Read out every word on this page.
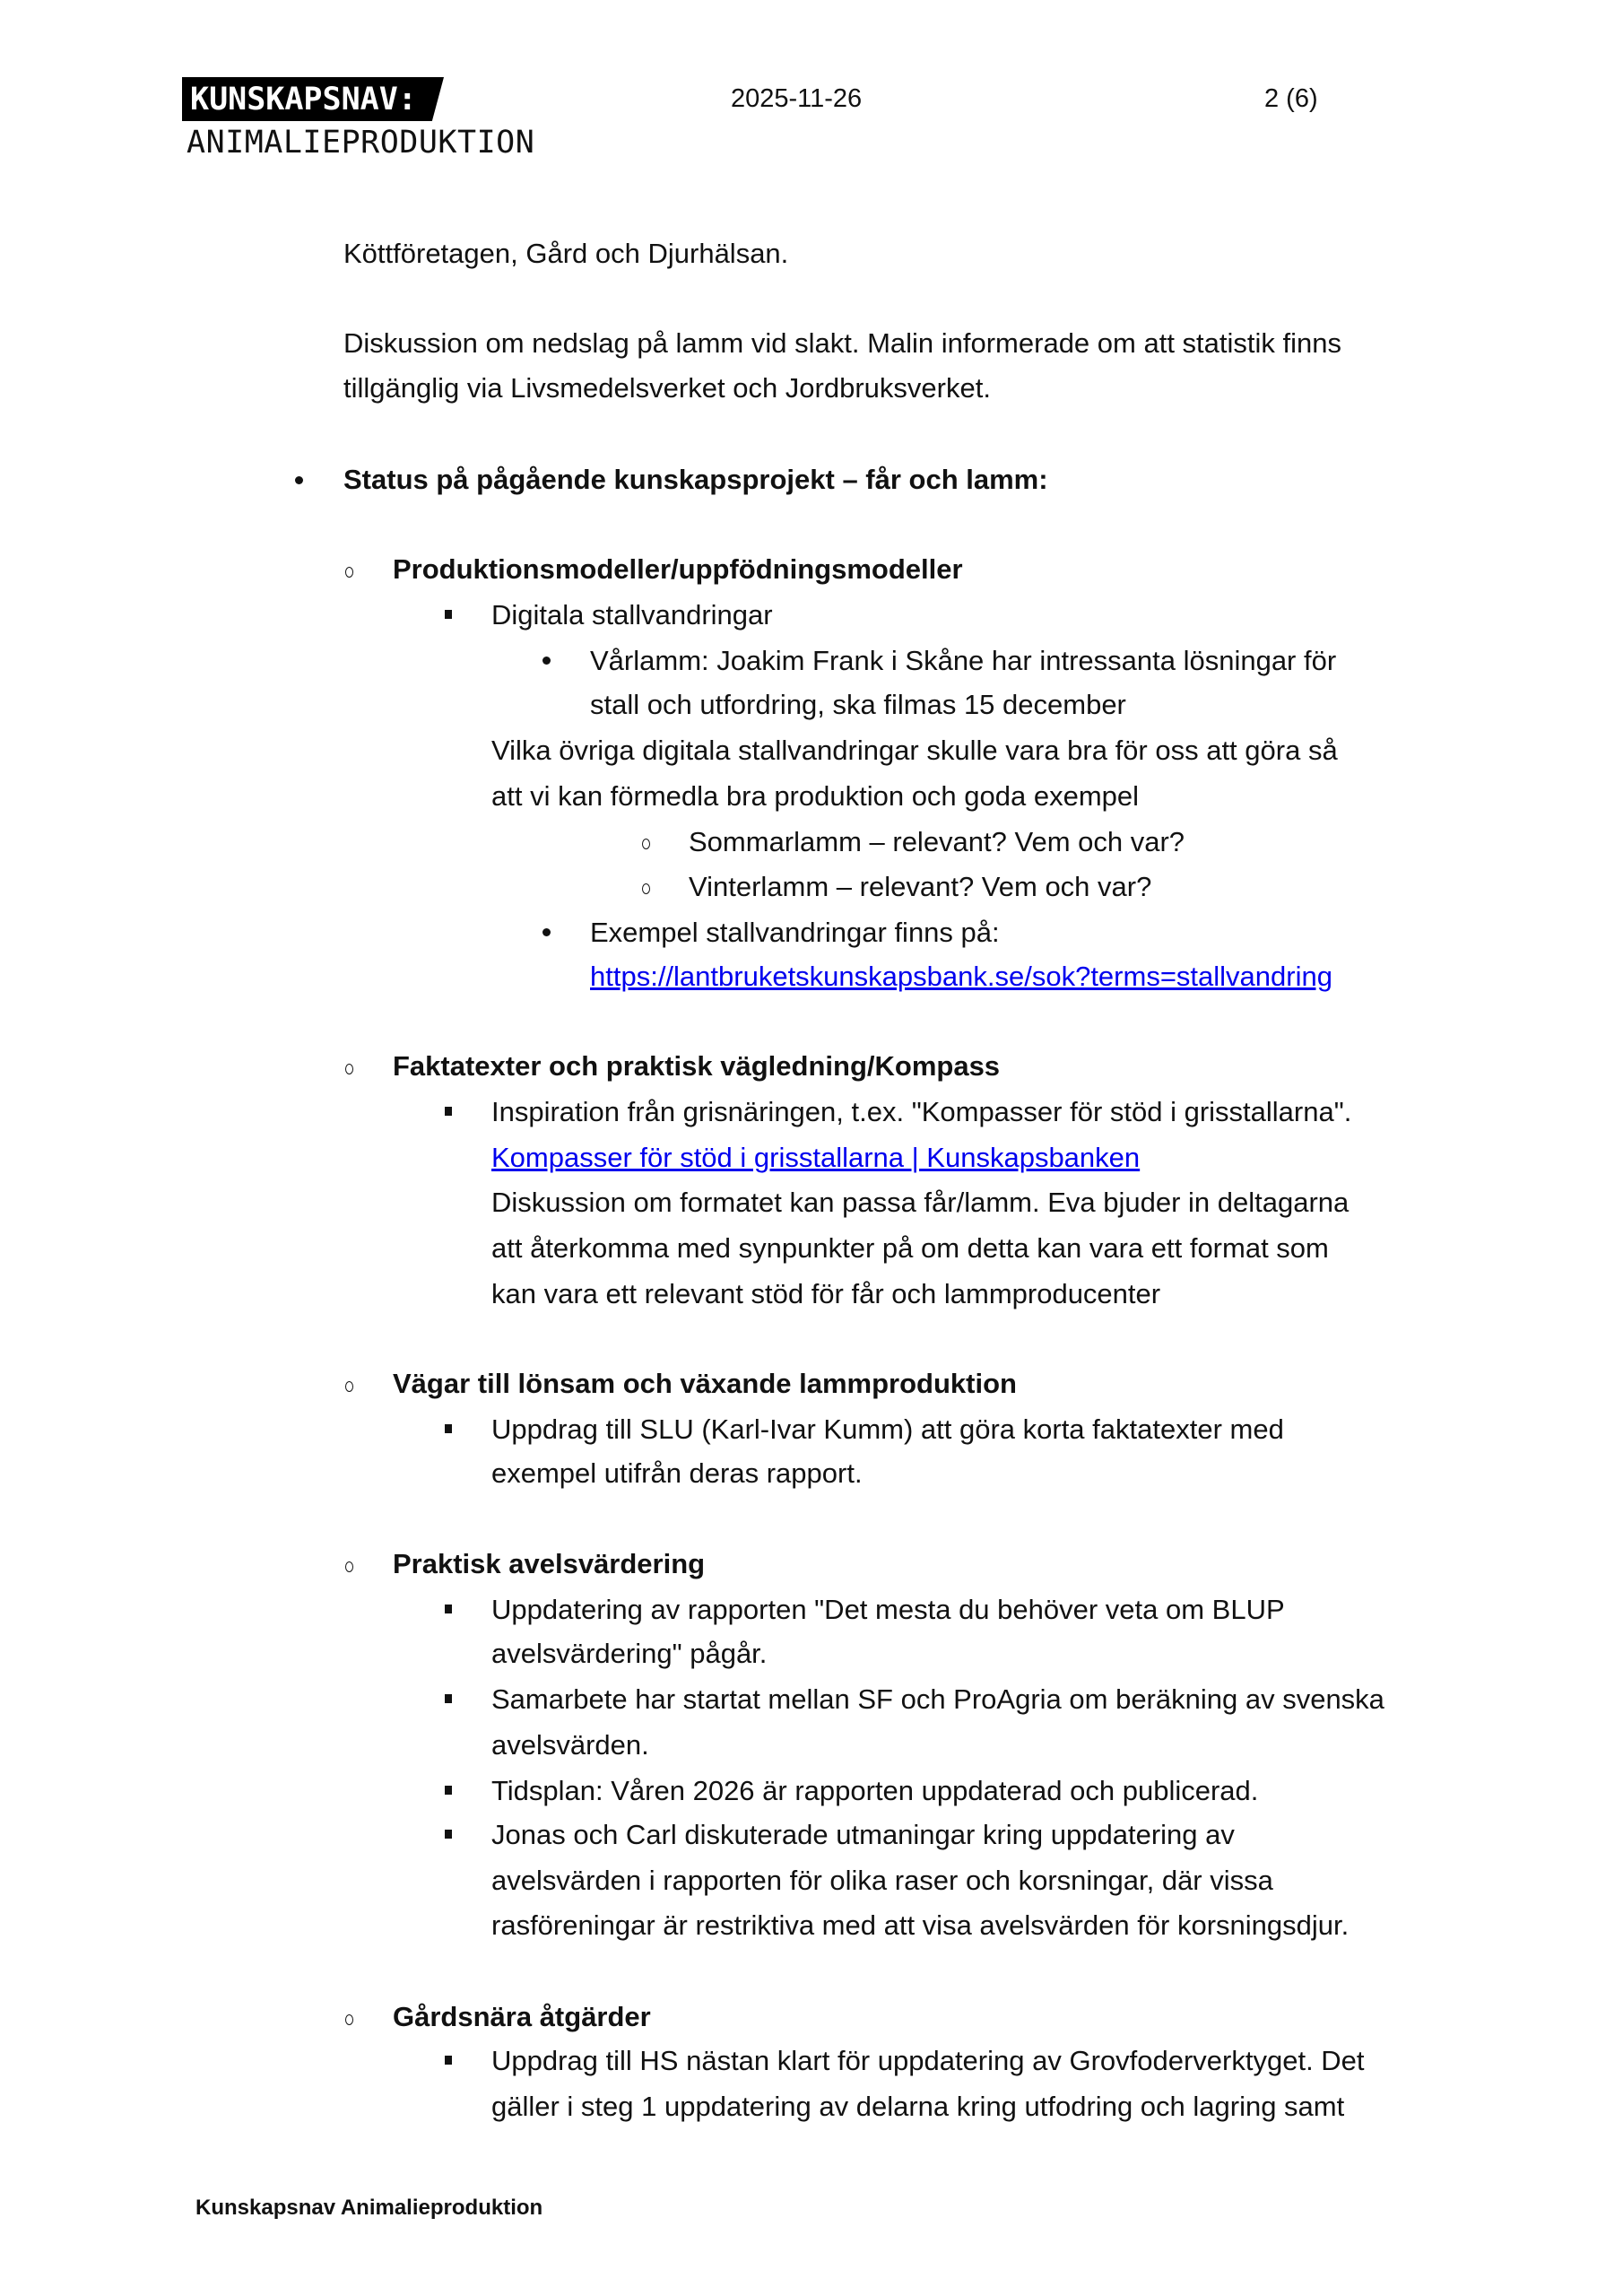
KUNSKAPSNAV:
ANIMALIEPRODUKTION
2025-11-26	2 (6)
Köttföretagen, Gård och Djurhälsan.
Diskussion om nedslag på lamm vid slakt. Malin informerade om att statistik finns
tillgänglig via Livsmedelsverket och Jordbruksverket.
Status på pågående kunskapsprojekt – får och lamm:
Produktionsmodeller/uppfödningsmodeller
Digitala stallvandringar
Vårlamm: Joakim Frank i Skåne har intressanta lösningar för
stall och utfordring, ska filmas 15 december
Vilka övriga digitala stallvandringar skulle vara bra för oss att göra så
att vi kan förmedla bra produktion och goda exempel
Sommarlamm – relevant? Vem och var?
Vinterlamm – relevant? Vem och var?
Exempel stallvandringar finns på:
https://lantbruketskunskapsbank.se/sok?terms=stallvandring
Faktatexter och praktisk vägledning/Kompass
Inspiration från grisnäringen, t.ex. "Kompasser för stöd i grisstallarna".
Kompasser för stöd i grisstallarna | Kunskapsbanken
Diskussion om formatet kan passa får/lamm. Eva bjuder in deltagarna
att återkomma med synpunkter på om detta kan vara ett format som
kan vara ett relevant stöd för får och lammproducenter
Vägar till lönsam och växande lammproduktion
Uppdrag till SLU (Karl-Ivar Kumm) att göra korta faktatexter med
exempel utifrån deras rapport.
Praktisk avelsvärdering
Uppdatering av rapporten "Det mesta du behöver veta om BLUP
avelsvärdering" pågår.
Samarbete har startat mellan SF och ProAgria om beräkning av svenska
avelsvärden.
Tidsplan: Våren 2026 är rapporten uppdaterad och publicerad.
Jonas och Carl diskuterade utmaningar kring uppdatering av
avelsvärden i rapporten för olika raser och korsningar, där vissa
rasföreningar är restriktiva med att visa avelsvärden för korsningsdjur.
Gårdsnära åtgärder
Uppdrag till HS nästan klart för uppdatering av Grovfoderverktyget. Det
gäller i steg 1 uppdatering av delarna kring utfodring och lagring samt
Kunskapsnav Animalieproduktion
